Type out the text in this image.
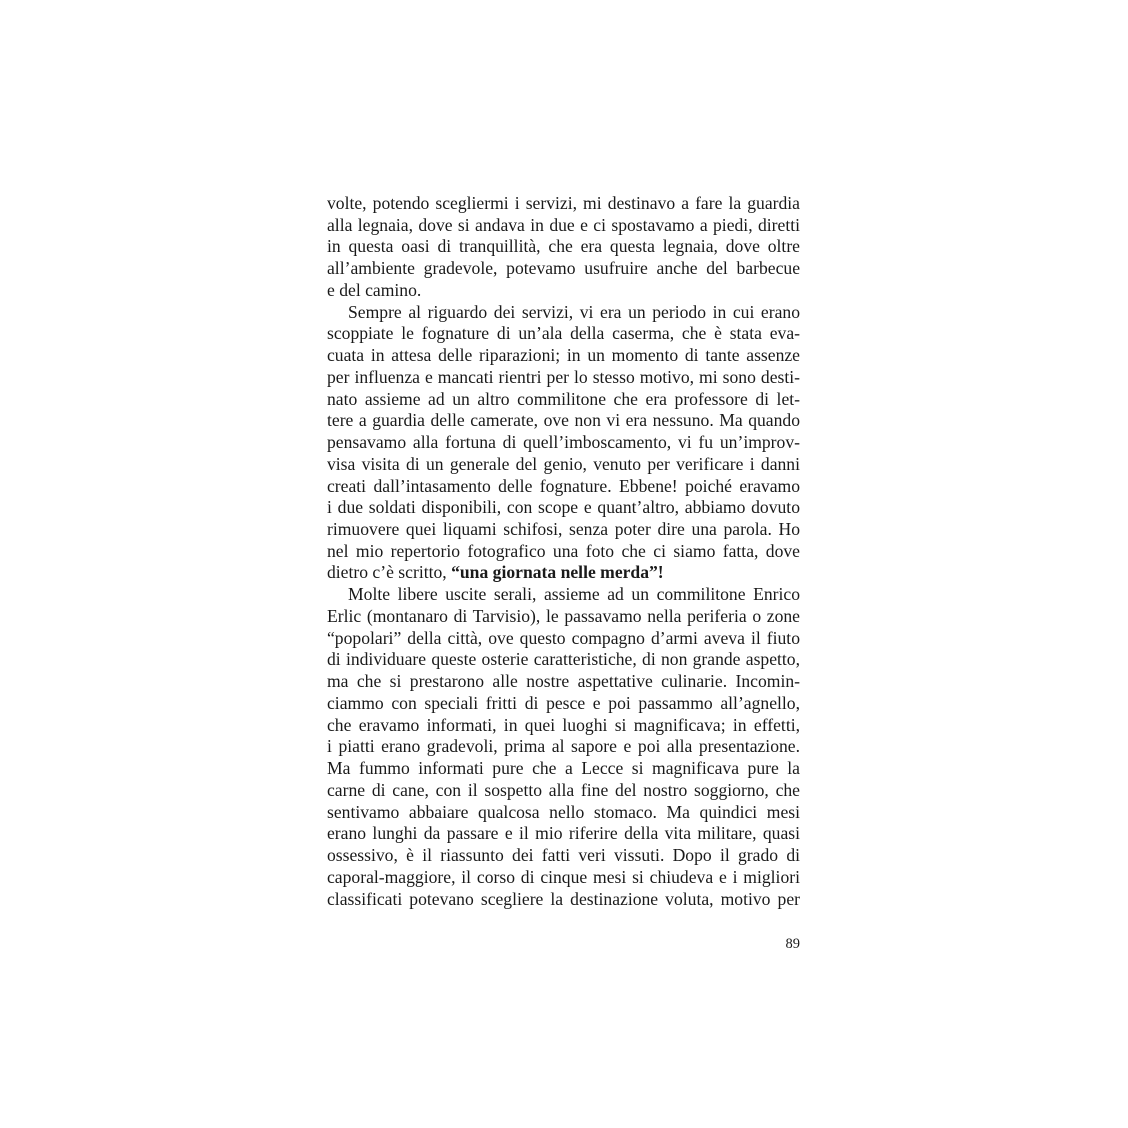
volte, potendo scegliermi i servizi, mi destinavo a fare la guardia
alla legnaia, dove si andava in due e ci spostavamo a piedi, diretti
in questa oasi di tranquillità, che era questa legnaia, dove oltre
all’ambiente gradevole, potevamo usufruire anche del barbecue
e del camino.
Sempre al riguardo dei servizi, vi era un periodo in cui erano
scoppiate le fognature di un’ala della caserma, che è stata eva-
cuata in attesa delle riparazioni; in un momento di tante assenze
per influenza e mancati rientri per lo stesso motivo, mi sono desti-
nato assieme ad un altro commilitone che era professore di let-
tere a guardia delle camerate, ove non vi era nessuno. Ma quando
pensavamo alla fortuna di quell’imboscamento, vi fu un’improv-
visa visita di un generale del genio, venuto per verificare i danni
creati dall’intasamento delle fognature. Ebbene! poiché eravamo
i due soldati disponibili, con scope e quant’altro, abbiamo dovuto
rimuovere quei liquami schifosi, senza poter dire una parola. Ho
nel mio repertorio fotografico una foto che ci siamo fatta, dove
dietro c’è scritto, “una giornata nelle merda”!
Molte libere uscite serali, assieme ad un commilitone Enrico
Erlic (montanaro di Tarvisio), le passavamo nella periferia o zone
“popolari” della città, ove questo compagno d’armi aveva il fiuto
di individuare queste osterie caratteristiche, di non grande aspetto,
ma che si prestarono alle nostre aspettative culinarie. Incomin-
ciammo con speciali fritti di pesce e poi passammo all’agnello,
che eravamo informati, in quei luoghi si magnificava; in effetti,
i piatti erano gradevoli, prima al sapore e poi alla presentazione.
Ma fummo informati pure che a Lecce si magnificava pure la
carne di cane, con il sospetto alla fine del nostro soggiorno, che
sentivamo abbaiare qualcosa nello stomaco. Ma quindici mesi
erano lunghi da passare e il mio riferire della vita militare, quasi
ossessivo, è il riassunto dei fatti veri vissuti. Dopo il grado di
caporal-maggiore, il corso di cinque mesi si chiudeva e i migliori
classificati potevano scegliere la destinazione voluta, motivo per
89
